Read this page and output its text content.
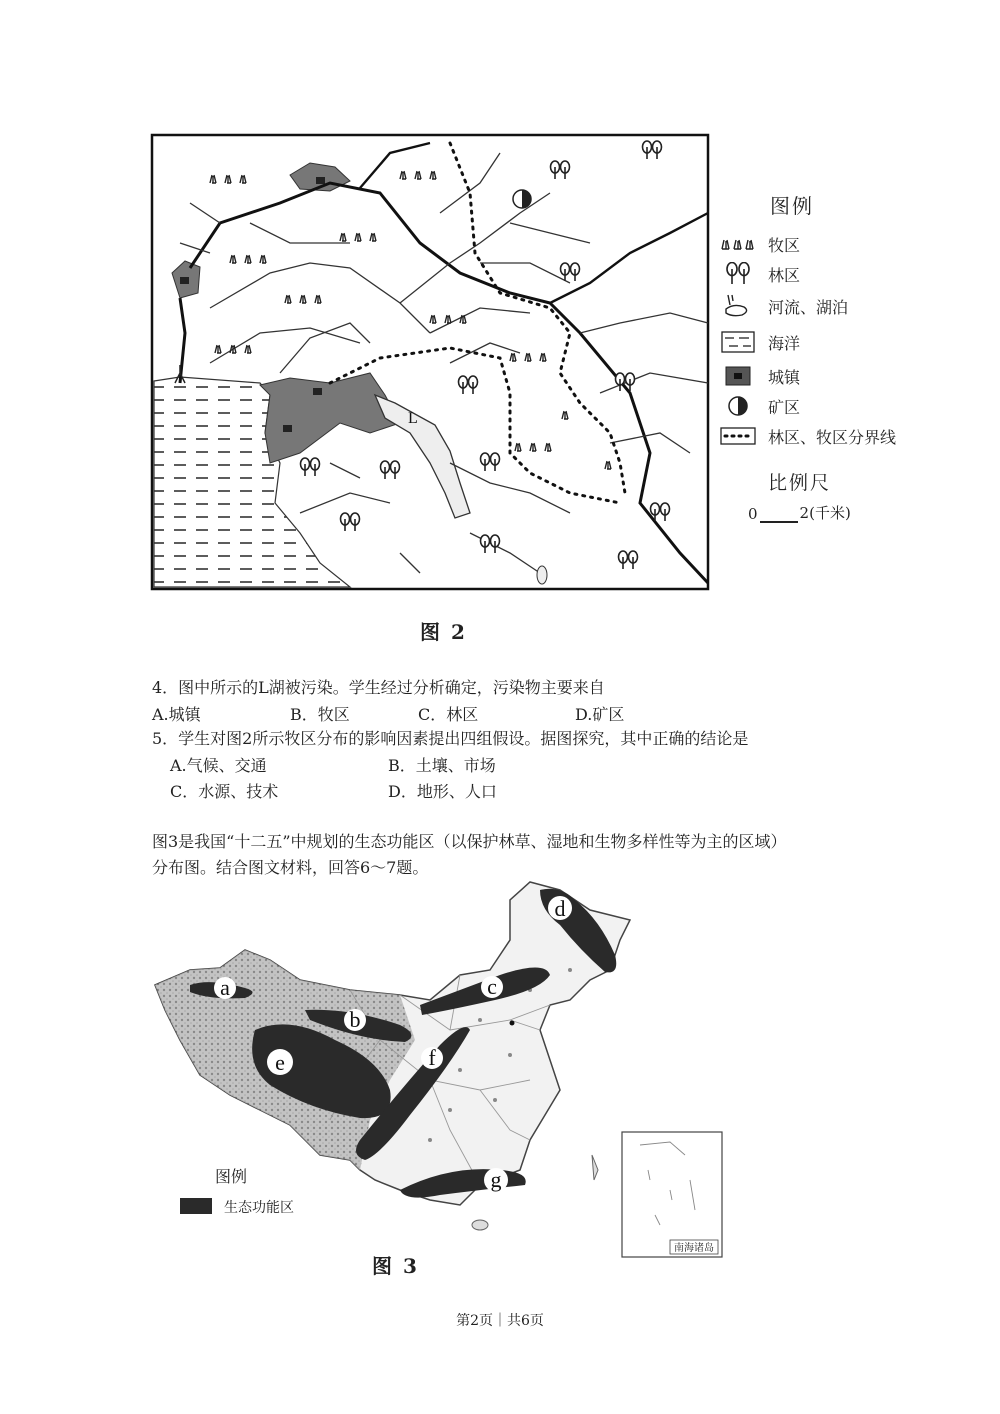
L
图例
牧区
林区
河流、湖泊
海洋
城镇
矿区
林区、牧区分界线
比例尺
0	2(千米)
图 2
4．图中所示的L湖被污染。学生经过分析确定，污染物主要来自
A.城镇	B．牧区	C．林区	D.矿区
5．学生对图2所示牧区分布的影响因素提出四组假设。据图探究，其中正确的结论是
A.气候、交通	B．土壤、市场
C．水源、技术	D．地形、人口
图3是我国“十二五”中规划的生态功能区（以保护林草、湿地和生物多样性等为主的区域）
分布图。结合图文材料，回答6～7题。
a
b
c
d
e	f
g
南海诸岛
图例
生态功能区
图 3
第2页｜共6页
